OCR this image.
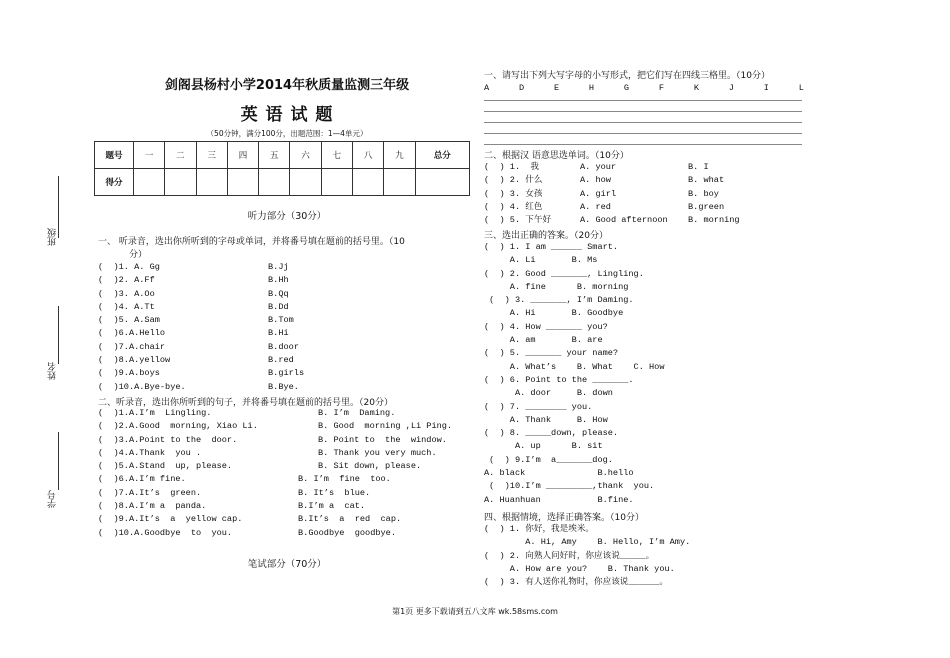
班级
姓名
学号
剑阁县杨村小学2014年秋质量监测三年级
英 语 试 题
（50分钟，满分100分，出题范围：1—4单元）
题号	一	二	三	四	五	六	七	八	九	总分
得分										
听力部分（30分）
一、 听录音，选出你所听到的字母或单词，并将番号填在题前的括号里。（10
分）
(  )1. A. Gg	B.Jj
(  )2. A.Ff	B.Hh
(  )3. A.Oo	B.Qq
(  )4. A.Tt	B.Dd
(  )5. A.Sam	B.Tom
(  )6.A.Hello	B.Hi
(  )7.A.chair	B.door
(  )8.A.yellow	B.red
(  )9.A.boys	B.girls
(  )10.A.Bye-bye.	B.Bye.
二、听录音，选出你所听到的句子，并将番号填在题前的括号里。（20分）
(  )1.A.I’m  Lingling.	B. I’m  Daming.
(  )2.A.Good  morning, Xiao Li.	B. Good  morning ,Li Ping.
(  )3.A.Point to the  door.	B. Point to  the  window.
(  )4.A.Thank  you .	B. Thank you very much.
(  )5.A.Stand  up, please.	B. Sit down, please.
(  )6.A.I’m fine.	B. I’m  fine  too.
(  )7.A.It’s  green.	B. It’s  blue.
(  )8.A.I’m a  panda.	B.I’m a  cat.
(  )9.A.It’s  a  yellow cap.	B.It’s  a  red  cap.
(  )10.A.Goodbye  to  you.	B.Goodbye  goodbye.
笔试部分（70分）
一、请写出下列大写字母的小写形式，把它们写在四线三格里。（10分）
A	D	E	H	G	F	K	J	I	L
二、根据汉 语意思选单词。（10分）
(  ) 1.  我	A. your	B. I
(  ) 2. 什么	A. how	B. what
(  ) 3. 女孩	A. girl	B. boy
(  ) 4. 红色	A. red	B.green
(  ) 5. 下午好	A. Good afternoon B. morning
三、选出正确的答案。（20分）
(  ) 1. I am ______ Smart.
A. Li       B. Ms
(  ) 2. Good _______, Lingling.
A. fine      B. morning
(  ) 3. _______, I’m Daming.
A. Hi       B. Goodbye
(  ) 4. How _______ you?
A. am       B. are
(  ) 5. _______ your name?
A. What’s    B. What    C. How
(  ) 6. Point to the _______.
A. door     B. down
(  ) 7. ________ you.
A. Thank     B. How
(  ) 8. _____down, please.
A. up      B. sit
(  ) 9.I’m  a_______dog.
A. black              B.hello
(  )10.I’m _________,thank  you.
A. Huanhuan           B.fine.
四、根据情境，选择正确答案。（10分）
(  ) 1. 你好，我是埃米。
A. Hi, Amy    B. Hello, I’m Amy.
(  ) 2. 向熟人问好时，你应该说_____。
A. How are you?    B. Thank you.
(  ) 3. 有人送你礼物时，你应该说______。
第1页 更多下载请到五八文库 wk.58sms.com
